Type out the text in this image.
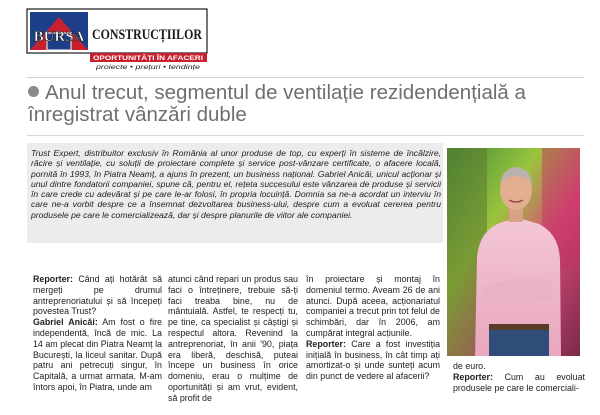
BURSA CONSTRUCȚIILOR
OPORTUNITĂȚI ÎN AFACERI
proiecte • prețuri • tendințe
Anul trecut, segmentul de ventilație rezidendențială a înregistrat vânzări duble
Trust Expert, distribuitor exclusiv în România al unor produse de top, cu experți în sisteme de încălzire, răcire și ventilație, cu soluții de proiectare complete și service post-vânzare certificate, o afacere locală, pornită în 1993, în Piatra Neamț, a ajuns în prezent, un business național. Gabriel Anicăi, unicul acționar și unul dintre fondatorii companiei, spune că, pentru el, rețeta succesului este vânzarea de produse și servicii în care crede cu adevărat și pe care le-ar folosi, în propria locuință. Domnia sa ne-a acordat un interviu în care ne-a vorbit despre ce a însemnat dezvoltarea business-ului, despre cum a evoluat cererea pentru produsele pe care le comercializează, dar și despre planurile de viitor ale companiei.
Reporter: Când ați hotărât să mergeți pe drumul antreprenoriatului și să începeți povestea Trust?
Gabriel Anicăi: Am fost o fire independentă, încă de mic. La 14 am plecat din Piatra Neamț la București, la liceul sanitar. După patru ani petrecuți singur, în Capitală, a urmat armata. M-am întors apoi, în Piatra, unde am
atunci când repari un produs sau faci o întreținere, trebuie să-ți faci treaba bine, nu de mântuială. Astfel, te respecți tu, pe tine, ca specialist și câștigi și respectul altora. Revenind la antreprenoriat, în anii '90, piața era liberă, deschisă, puteai începe un business în orice domeniu, erau o mulțime de oportunități și am vrut, evident, să profit de
în proiectare și montaj în domeniul termo. Aveam 26 de ani atunci. După aceea, acționariatul companiei a trecut prin tot felul de schimbări, dar în 2006, am cumpărat integral acțiunile.
Reporter: Care a fost investiția inițială în business, în cât timp ați amortizat-o și unde sunteți acum din punct de vedere al afacerii?
de euro.
Reporter: Cum au evoluat produsele pe care le comerciali-
